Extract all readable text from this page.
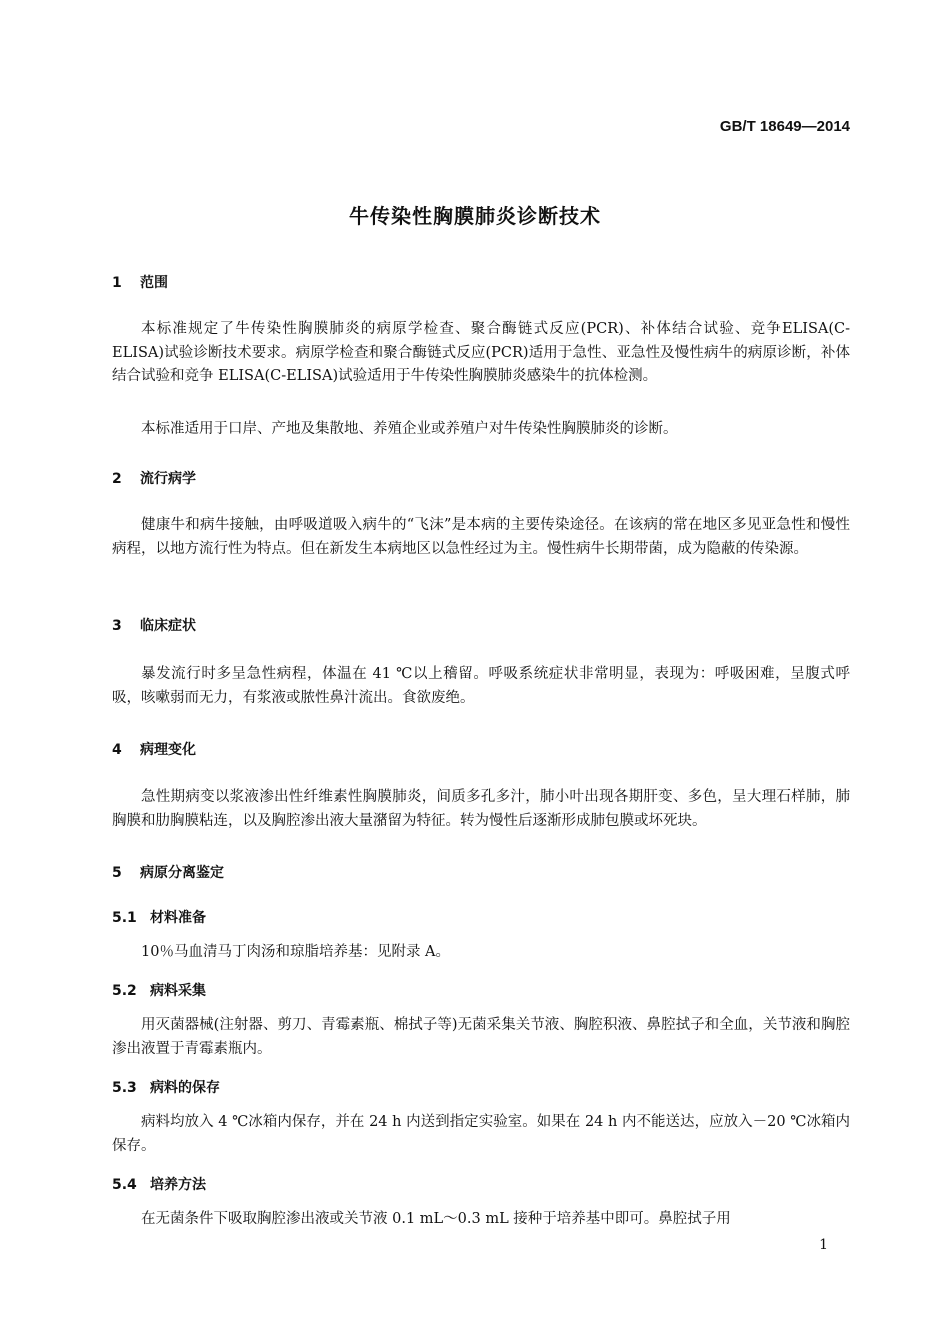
GB/T 18649—2014
牛传染性胸膜肺炎诊断技术
1 范围

本标准规定了牛传染性胸膜肺炎的病原学检查、聚合酶链式反应(PCR)、补体结合试验、竞争ELISA(C-ELISA)试验诊断技术要求。病原学检查和聚合酶链式反应(PCR)适用于急性、亚急性及慢性病牛的病原诊断，补体结合试验和竞争 ELISA(C-ELISA)试验适用于牛传染性胸膜肺炎感染牛的抗体检测。

本标准适用于口岸、产地及集散地、养殖企业或养殖户对牛传染性胸膜肺炎的诊断。

2 流行病学

健康牛和病牛接触，由呼吸道吸入病牛的“飞沫”是本病的主要传染途径。在该病的常在地区多见亚急性和慢性病程，以地方流行性为特点。但在新发生本病地区以急性经过为主。慢性病牛长期带菌，成为隐蔽的传染源。

3 临床症状

暴发流行时多呈急性病程，体温在 41 ℃以上稽留。呼吸系统症状非常明显，表现为：呼吸困难，呈腹式呼吸，咳嗽弱而无力，有浆液或脓性鼻汁流出。食欲废绝。

4 病理变化

急性期病变以浆液渗出性纤维素性胸膜肺炎，间质多孔多汁，肺小叶出现各期肝变、多色，呈大理石样肺，肺胸膜和肋胸膜粘连，以及胸腔渗出液大量潴留为特征。转为慢性后逐渐形成肺包膜或坏死块。

5 病原分离鉴定
5.1 材料准备

10％马血清马丁肉汤和琼脂培养基：见附录 A。

5.2 病料采集

用灭菌器械(注射器、剪刀、青霉素瓶、棉拭子等)无菌采集关节液、胸腔积液、鼻腔拭子和全血，关节液和胸腔渗出液置于青霉素瓶内。

5.3 病料的保存

病料均放入 4 ℃冰箱内保存，并在 24 h 内送到指定实验室。如果在 24 h 内不能送达，应放入－20 ℃冰箱内保存。

5.4 培养方法

在无菌条件下吸取胸腔渗出液或关节液 0.1 mL～0.3 mL 接种于培养基中即可。鼻腔拭子用

1
